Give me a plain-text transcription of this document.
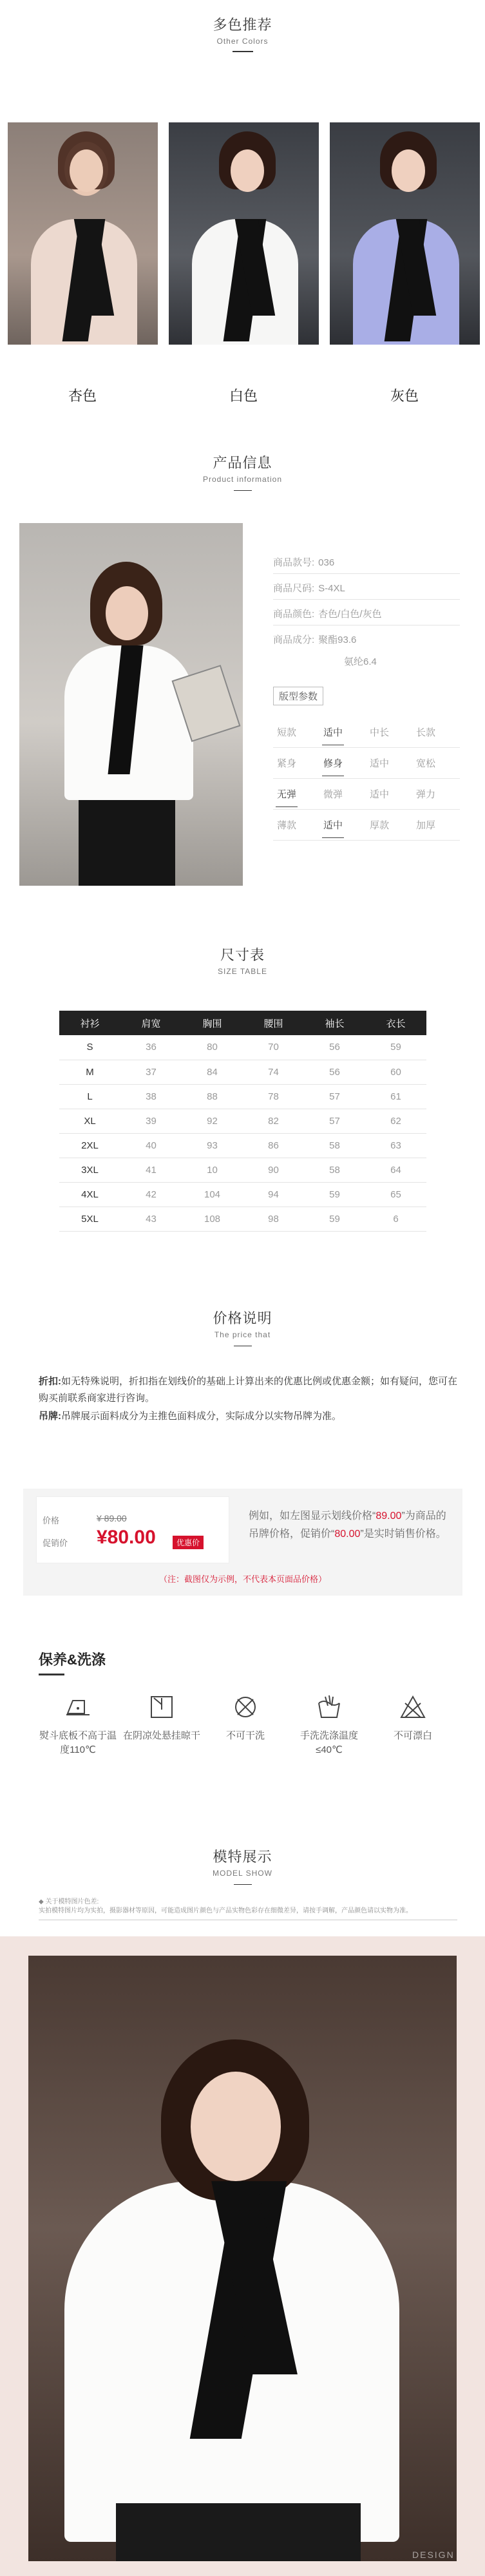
多色推荐
Other Colors
杏色	白色	灰色
产品信息
Product information
商品款号: 036
商品尺码: S-4XL
商品颜色: 杏色/白色/灰色
商品成分: 聚酯93.6
氨纶6.4
版型参数
短款	适中	中长	长款
紧身	修身	适中	宽松
无弹	微弹	适中	弹力
薄款	适中	厚款	加厚
尺寸表
SIZE TABLE
衬衫	肩宽	胸围	腰围	袖长	衣长
S	36	80	70	56	59
M	37	84	74	56	60
L	38	88	78	57	61
XL	39	92	82	57	62
2XL	40	93	86	58	63
3XL	41	10	90	58	64
4XL	42	104	94	59	65
5XL	43	108	98	59	6
价格说明
The price that
折扣:如无特殊说明，折扣指在划线价的基础上计算出来的优惠比例或优惠金额；如有疑问，您可在购买前联系商家进行咨询。
吊牌:吊牌展示面料成分为主推色面料成分，实际成分以实物吊牌为准。
价格	¥ 89.00
促销价 ¥80.00	优惠价
例如，如左图显示划线价格“89.00”为商品的吊牌价格，促销价“80.00”是实时销售价格。
（注：截图仅为示例，不代表本页面品价格）
保养&洗涤
熨斗底板不高于温度110℃
在阴凉处悬挂晾干	不可干洗	手洗洗涤温度≤40℃
不可漂白
模特展示
MODEL SHOW
◆ 关于模特图片色差:
实拍模特图片均为实拍，摄影器材等原因，可能造成图片颜色与产品实物色彩存在细微差异，请按手调解，产品颜色请以实物为准。
DESIGN
